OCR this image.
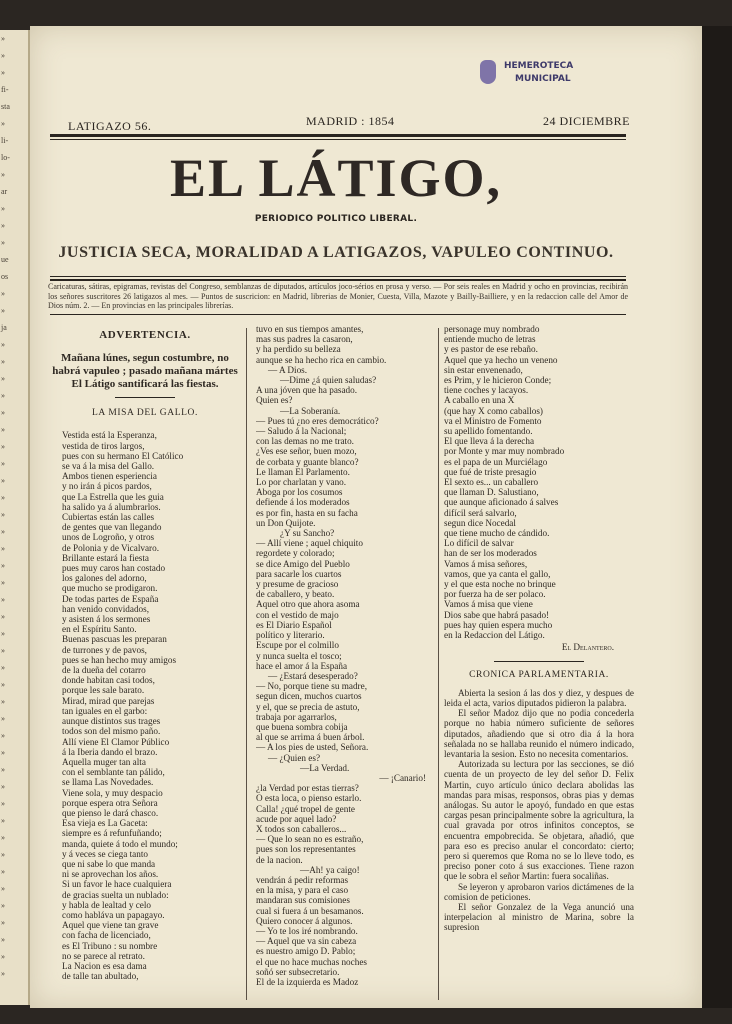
»
»
»
fi-
sta
»
li-
lo-
»
ar
»
»
»
ue
os
»
»
ja
»
»
»
»
»
»
»
»
»
»
»
»
»
»
»
»
»
»
»
»
»
»
»
»
»
»
»
»
»
»
»
»
»
»
»
»
»
»
HEMEROTECA
MUNICIPAL
LATIGAZO 56.	MADRID : 1854	24 DICIEMBRE
EL LÁTIGO,
PERIODICO POLITICO LIBERAL.
JUSTICIA SECA, MORALIDAD A LATIGAZOS, VAPULEO CONTINUO.
Caricaturas, sátiras, epigramas, revistas del Congreso, semblanzas de diputados, artículos joco-sérios en prosa y verso. — Por seis reales en Madrid y ocho en provincias, recibirán los señores suscritores 26 latigazos al mes. — Puntos de suscricion: en Madrid, librerias de Monier, Cuesta, Villa, Mazote y Bailly-Bailliere, y en la redaccion calle del Amor de Dios núm. 2. — En provincias en las principales librerías.
ADVERTENCIA.
Mañana lúnes, segun costumbre, no habrá vapuleo ; pasado mañana mártes El Látigo santificará las fiestas.
LA MISA DEL GALLO.
Vestida está la Esperanza,
vestida de tiros largos,
pues con su hermano El Católico
se va á la misa del Gallo.
Ambos tienen esperiencia
y no irán á picos pardos,
que La Estrella que les guia
ha salido ya á alumbrarlos.
Cubiertas están las calles
de gentes que van llegando
unos de Logroño, y otros
de Polonia y de Vicalvaro.
Brillante estará la fiesta
pues muy caros han costado
los galones del adorno,
que mucho se prodigaron.
De todas partes de España
han venido convidados,
y asisten á los sermones
en el Espíritu Santo.
Buenas pascuas les preparan
de turrones y de pavos,
pues se han hecho muy amigos
de la dueña del cotarro
donde habitan casi todos,
porque les sale barato.
Mirad, mirad que parejas
tan iguales en el garbo:
aunque distintos sus trages
todos son del mismo paño.
Allí viene El Clamor Público
á la Iberia dando el brazo.
Aquella muger tan alta
con el semblante tan pálido,
se llama Las Novedades.
Viene sola, y muy despacio
porque espera otra Señora
que pienso le dará chasco.
Esa vieja es La Gaceta:
siempre es á refunfuñando;
manda, quiete á todo el mundo;
y á veces se ciega tanto
que ni sabe lo que manda
ni se aprovechan los años.
Si un favor le hace cualquiera
de gracias suelta un nublado:
y habla de lealtad y celo
como habláva un papagayo.
Aquel que viene tan grave
con facha de licenciado,
es El Tribuno : su nombre
no se parece al retrato.
La Nacion es esa dama
de talle tan abultado,
tuvo en sus tiempos amantes,
mas sus padres la casaron,
y ha perdido su belleza
aunque se ha hecho rica en cambio.
— A Dios.
—Dime ¿á quien saludas?
A una jóven que ha pasado.
Quien es?
—La Soberanía.
— Pues tú ¿no eres democrático?
— Saludo á la Nacional;
con las demas no me trato.
¿Ves ese señor, buen mozo,
de corbata y guante blanco?
Le llaman El Parlamento.
Lo por charlatan y vano.
Aboga por los cosumos
defiende á los moderados
es por fin, hasta en su facha
un Don Quijote.
¿Y su Sancho?
— Allí viene ; aquel chiquito
regordete y colorado;
se dice Amigo del Pueblo
para sacarle los cuartos
y presume de gracioso
de caballero, y beato.
Aquel otro que ahora asoma
con el vestido de majo
es El Diario Español
político y literario.
Escupe por el colmillo
y nunca suelta el tosco;
hace el amor á la España
— ¿Estará desesperado?
— No, porque tiene su madre,
segun dicen, muchos cuartos
y el, que se precia de astuto,
trabaja por agarrarlos,
que buena sombra cobija
al que se arrima á buen árbol.
— A los pies de usted, Señora.
— ¿Quien es?
—La Verdad.
— ¡Canario!
¿la Verdad por estas tierras?
O esta loca, o pienso estarlo.
Calla! ¿qué tropel de gente
acude por aquel lado?
X todos son caballeros...
— Que lo sean no es estraño,
pues son los representantes
de la nacion.
—Ah! ya caigo!
vendrán á pedir reformas
en la misa, y para el caso
mandaran sus comisiones
cual si fuera á un besamanos.
Quiero conocer á algunos.
— Yo te los iré nombrando.
— Aquel que va sin cabeza
es nuestro amigo D. Pablo;
el que no hace muchas noches
soñó ser subsecretario.
El de la izquierda es Madoz
personage muy nombrado
entiende mucho de letras
y es pastor de ese rebaño.
Aquel que ya hecho un veneno
sin estar envenenado,
es Prim, y le hicieron Conde;
tiene coches y lacayos.
A caballo en una X
(que hay X como caballos)
va el Ministro de Fomento
su apellido fomentando.
El que lleva á la derecha
por Monte y mar muy nombrado
es el papa de un Murciélago
que fué de triste presagio
El sexto es... un caballero
que llaman D. Salustiano,
que aunque aficionado á salves
difícil será salvarlo,
segun dice Nocedal
que tiene mucho de cándido.
Lo difícil de salvar
han de ser los moderados
Vamos á misa señores,
vamos, que ya canta el gallo,
y el que esta noche no brinque
por fuerza ha de ser polaco.
Vamos á misa que viene
Dios sabe que habrá pasado!
pues hay quien espera mucho
en la Redaccion del Látigo.
El Delantero.
CRONICA PARLAMENTARIA.

Abierta la sesion á las dos y diez, y despues de leida el acta, varios diputados pidieron la palabra.

El señor Madoz dijo que no podia concederla porque no habia número suficiente de señores diputados, añadiendo que si otro dia á la hora señalada no se hallaba reunido el número indicado, levantaria la sesion. Esto no necesita comentarios.

Autorizada su lectura por las secciones, se dió cuenta de un proyecto de ley del señor D. Felix Martin, cuyo artículo único declara abolidas las mandas para misas, responsos, obras pias y demas análogas. Su autor le apoyó, fundado en que estas cargas pesan principalmente sobre la agricultura, la cual gravada por otros infinitos conceptos, se encuentra empobrecida. Se objetara, añadió, que para eso es preciso anular el concordato: cierto; pero si queremos que Roma no se lo lleve todo, es preciso poner coto á sus exacciones. Tiene razon que le sobra el señor Martin: fuera socaliñas.

Se leyeron y aprobaron varios dictámenes de la comision de peticiones.

El señor Gonzalez de la Vega anunció una interpelacion al ministro de Marina, sobre la supresion
